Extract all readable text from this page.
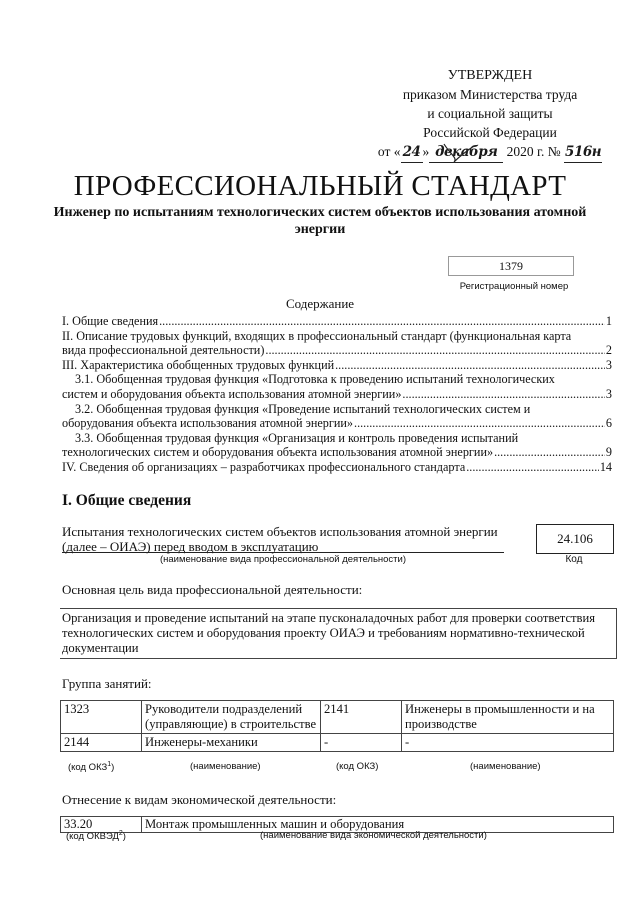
УТВЕРЖДЕН
приказом Министерства труда
и социальной защиты
Российской Федерации
от « 24 » декабря 2020 г. № 516н
ПРОФЕССИОНАЛЬНЫЙ СТАНДАРТ
Инженер по испытаниям технологических систем объектов использования атомной энергии
1379
Регистрационный номер
Содержание
I. Общие сведения .....	1
II. Описание трудовых функций, входящих в профессиональный стандарт (функциональная карта
вида профессиональной деятельности) .....	2
III. Характеристика обобщенных трудовых функций .....	3
3.1. Обобщенная трудовая функция «Подготовка к проведению испытаний технологических
систем и оборудования объекта использования атомной энергии» .....	3
3.2. Обобщенная трудовая функция «Проведение испытаний технологических систем и
оборудования объекта использования атомной энергии» .....	6
3.3. Обобщенная трудовая функция «Организация и контроль проведения испытаний
технологических систем и оборудования объекта использования атомной энергии» .....	9
IV. Сведения об организациях – разработчиках профессионального стандарта .....	14
I. Общие сведения
Испытания технологических систем объектов использования атомной энергии (далее – ОИАЭ) перед вводом в эксплуатацию
(наименование вида профессиональной деятельности)
24.106
Код
Основная цель вида профессиональной деятельности:
Организация и проведение испытаний на этапе пусконаладочных работ для проверки соответствия технологических систем и оборудования проекту ОИАЭ и требованиям нормативно-технической документации
Группа занятий:
1323	Руководители подразделений (управляющие) в строительстве	2141	Инженеры в промышленности и на производстве
2144	Инженеры-механики	-	-
(код ОКЗ$^1$)	(наименование)	(код ОКЗ)	(наименование)
Отнесение к видам экономической деятельности:
33.20	Монтаж промышленных машин и оборудования
(код ОКВЭД$^2$)	(наименование вида экономической деятельности)
